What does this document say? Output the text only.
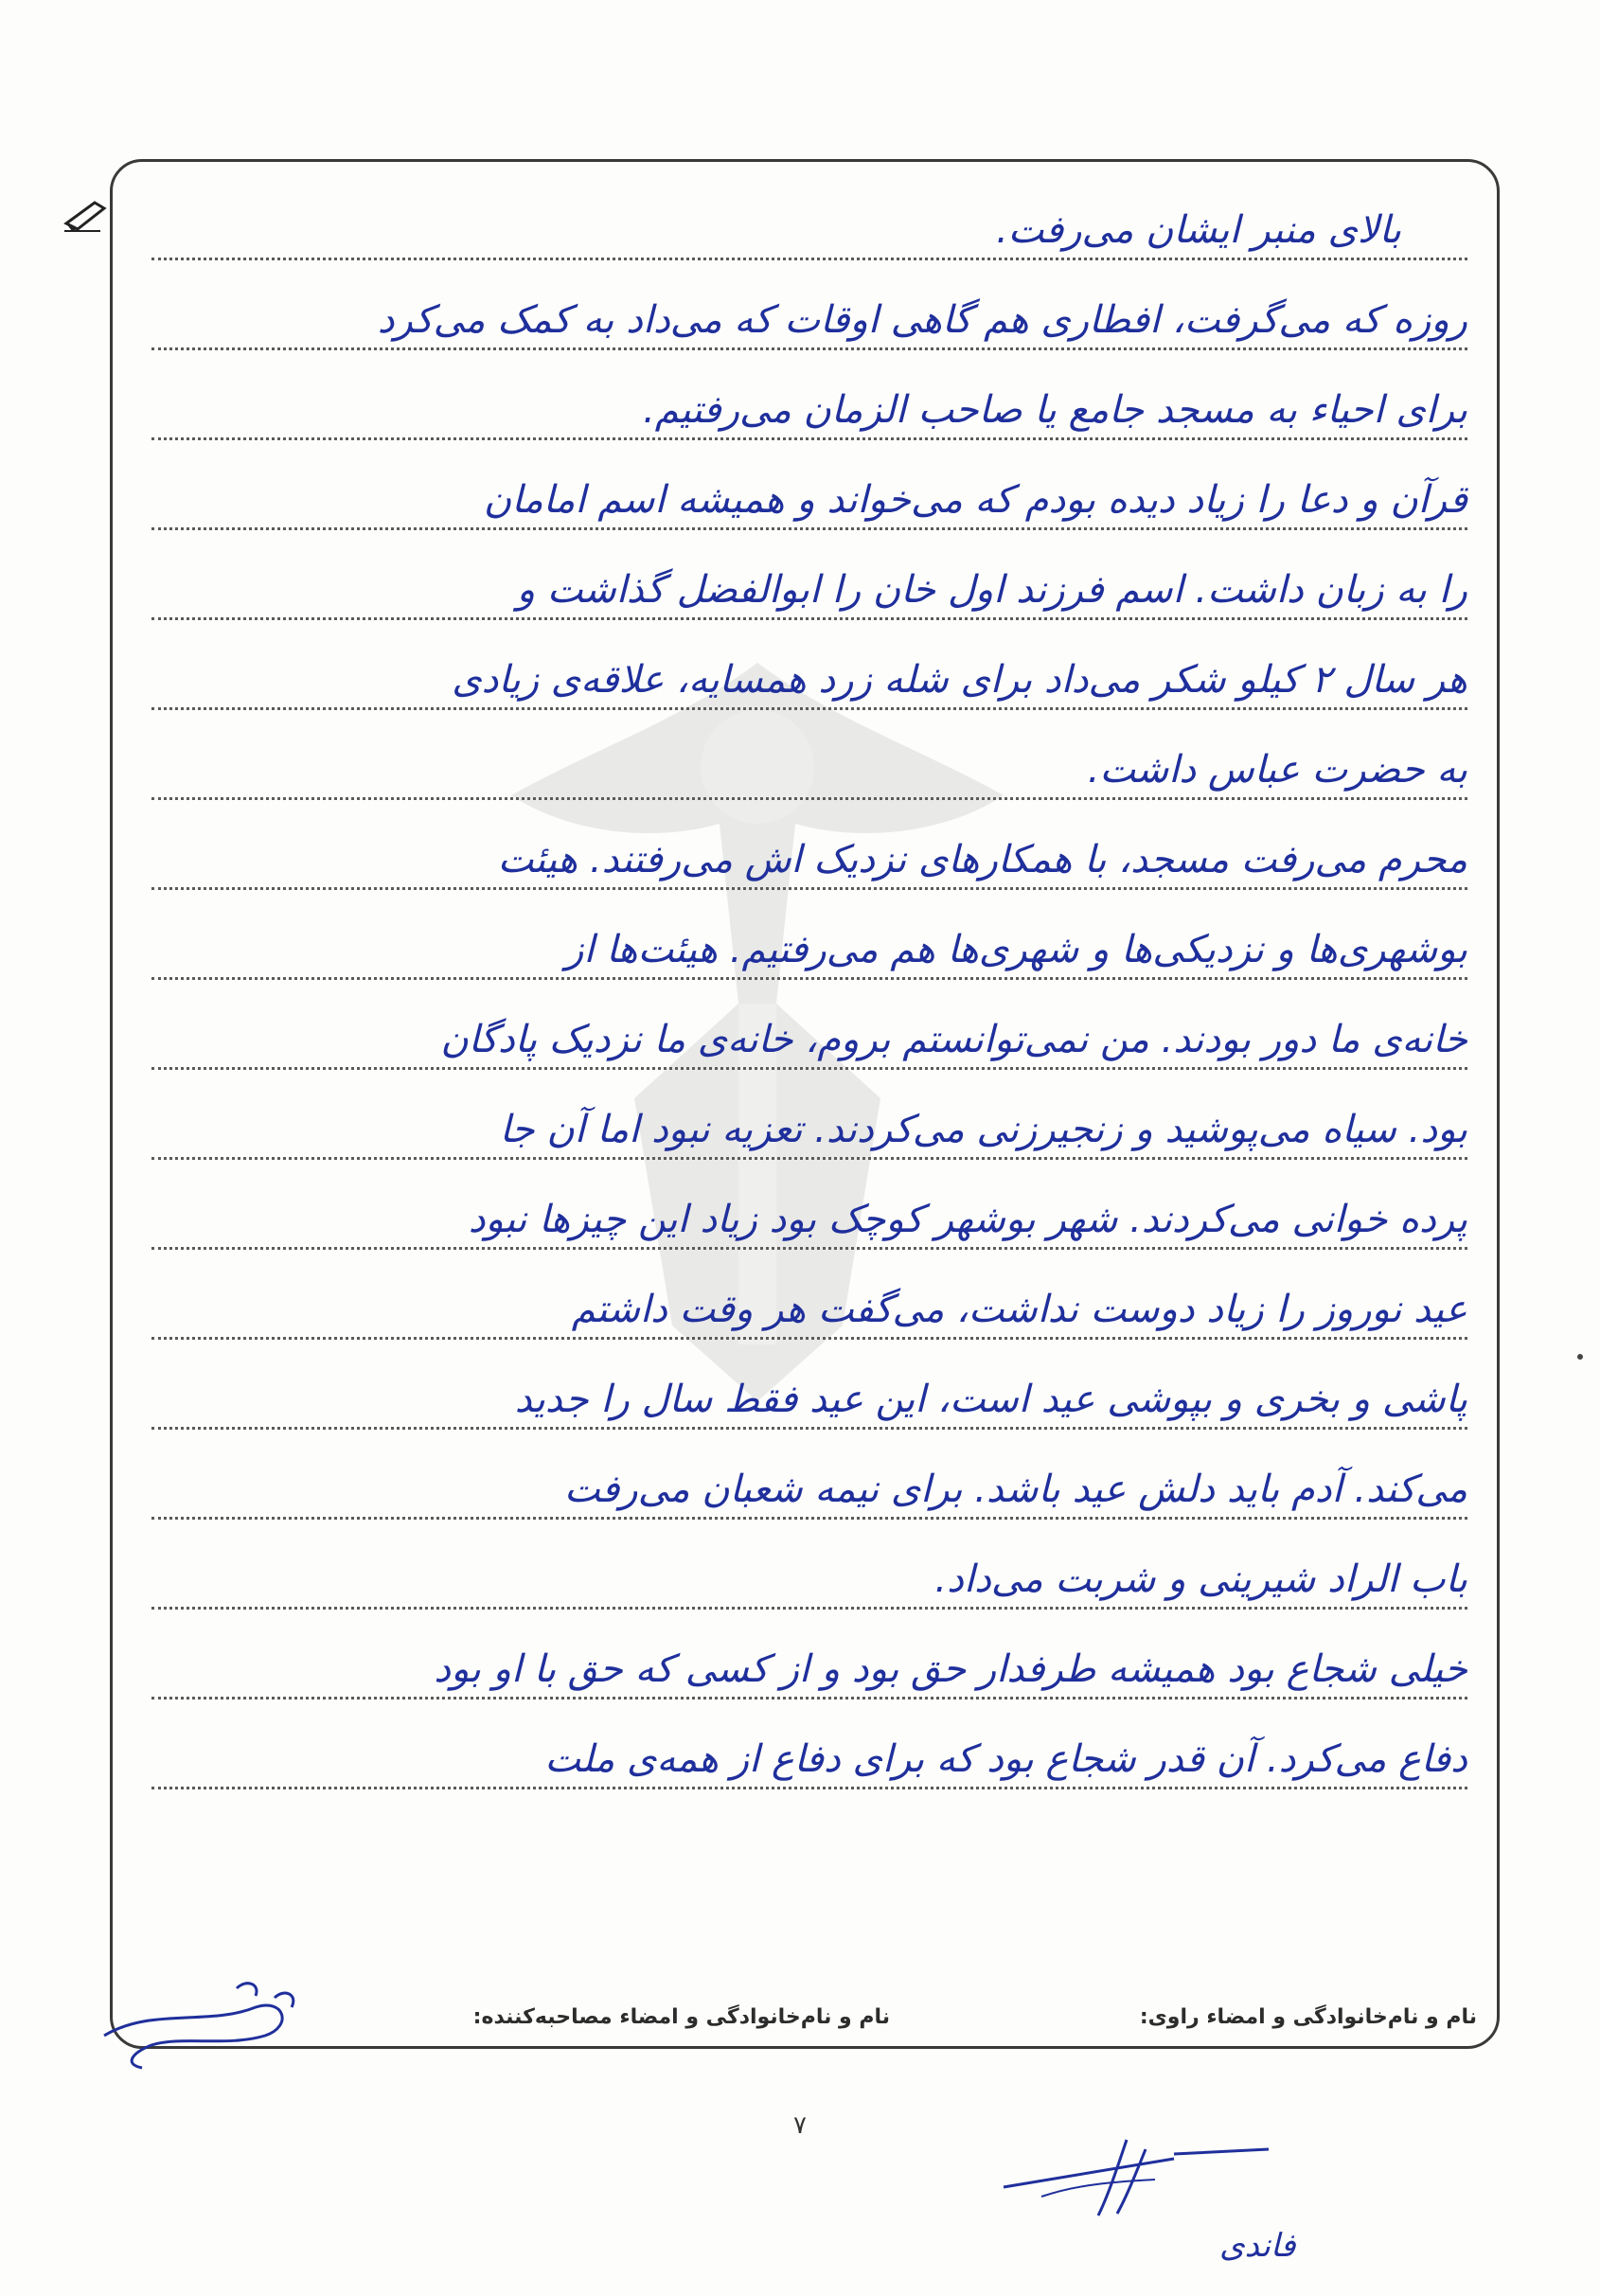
بالای منبر ایشان می‌رفت.
روزه که می‌گرفت، افطاری هم گاهی اوقات که می‌داد به کمک می‌کرد
برای احیاء به مسجد جامع یا صاحب الزمان می‌رفتیم.
قرآن و دعا را زیاد دیده بودم که می‌خواند و همیشه اسم امامان
را به زبان داشت. اسم فرزند اول خان را ابوالفضل گذاشت و
هر سال ۲ کیلو شکر می‌داد برای شله زرد همسایه، علاقه‌ی زیادی
به حضرت عباس داشت.
محرم می‌رفت مسجد، با همکارهای نزدیک اش می‌رفتند. هیئت
بوشهری‌ها و نزدیکی‌ها و شهری‌ها هم می‌رفتیم. هیئت‌ها از
خانه‌ی ما دور بودند. من نمی‌توانستم بروم، خانه‌ی ما نزدیک پادگان
بود. سیاه می‌پوشید و زنجیرزنی می‌کردند. تعزیه نبود اما آن جا
پرده خوانی می‌کردند. شهر بوشهر کوچک بود زیاد این چیزها نبود
عید نوروز را زیاد دوست نداشت، می‌گفت هر وقت داشتم
پاشی و بخری و بپوشی عید است، این عید فقط سال را جدید
می‌کند. آدم باید دلش عید باشد. برای نیمه شعبان می‌رفت
باب الراد شیرینی و شربت می‌داد.
خیلی شجاع بود همیشه طرفدار حق بود و از کسی که حق با او بود
دفاع می‌کرد. آن قدر شجاع بود که برای دفاع از همه‌ی ملت
نام و نام‌خانوادگی و امضاء راوی:
نام و نام‌خانوادگی و امضاء مصاحبه‌کننده:
فاندی
۷
